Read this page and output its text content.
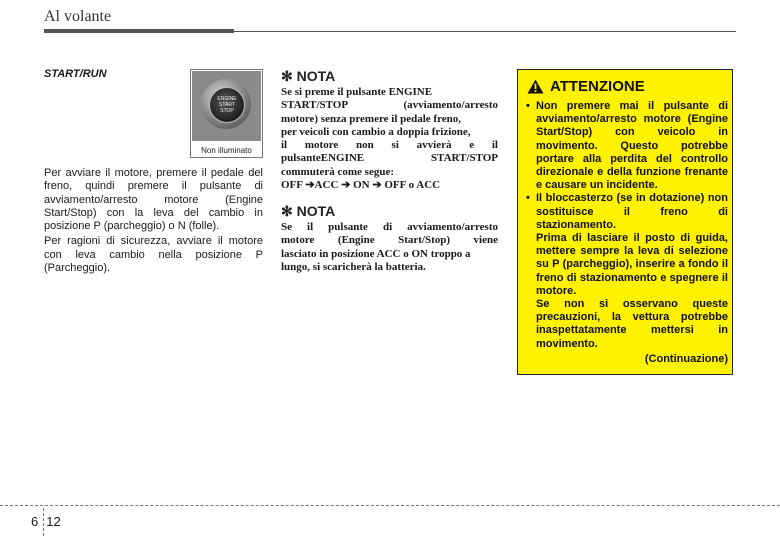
Al volante
START/RUN
ENGINE
START
STOP
Non illuminato

Per avviare il motore, premere il pedale del freno, quindi premere il pulsante di avviamento/arresto motore (Engine Start/Stop) con la leva del cambio in posizione P (parcheggio) o N (folle).

Per ragioni di sicurezza, avviare il motore con leva cambio nella posizione P (Parcheggio).

✻ NOTA
Se si preme il pulsante ENGINE
START/STOP (avviamento/arresto
motore) senza premere il pedale freno,
per veicoli con cambio a doppia frizione,
il motore non si avvierà e il
pulsanteENGINE START/STOP
commuterà come segue:
OFF ➔ACC ➔ ON ➔ OFF o ACC
✻ NOTA
Se il pulsante di avviamento/arresto
motore (Engine Start/Stop) viene
lasciato in posizione ACC o ON troppo a
lungo, si scaricherà la batteria.
ATTENZIONE

• Non premere mai il pulsante di avviamento/arresto motore (Engine Start/Stop) con veicolo in movimento. Questo potrebbe portare alla perdita del controllo direzionale e della funzione frenante e causare un incidente.

• Il bloccasterzo (se in dotazione) non sostituisce il freno di stazionamento.

Prima di lasciare il posto di guida, mettere sempre la leva di selezione su P (parcheggio), inserire a fondo il freno di stazionamento e spegnere il motore.

Se non si osservano queste precauzioni, la vettura potrebbe inaspettatamente mettersi in movimento.

(Continuazione)
6 12
